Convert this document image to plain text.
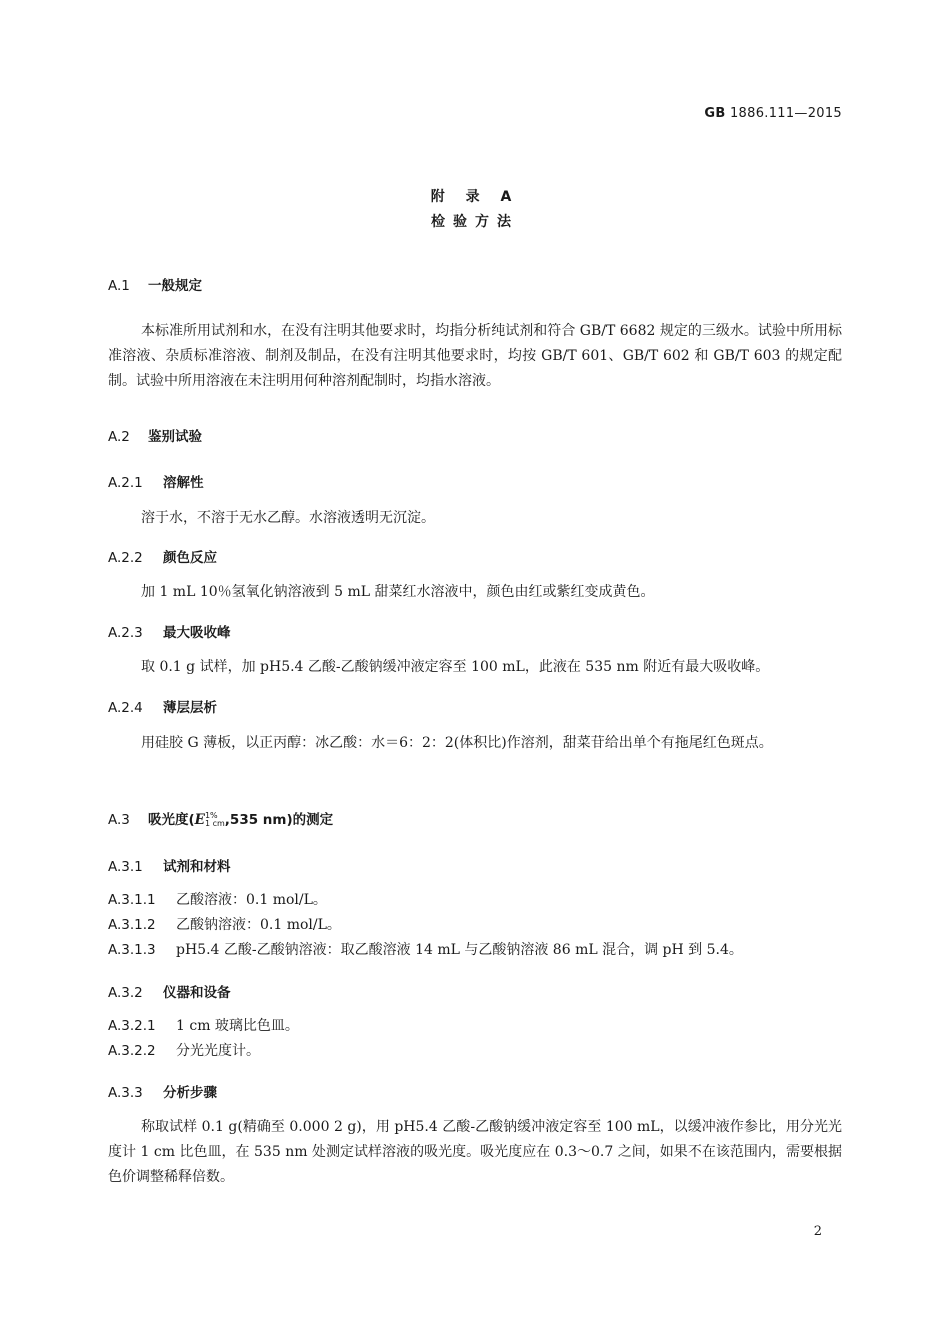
GB 1886.111—2015
附 录 A
检验方法
A.1 一般规定
本标准所用试剂和水，在没有注明其他要求时，均指分析纯试剂和符合 GB/T 6682 规定的三级水。试验中所用标准溶液、杂质标准溶液、制剂及制品，在没有注明其他要求时，均按 GB/T 601、GB/T 602 和 GB/T 603 的规定配制。试验中所用溶液在未注明用何种溶剂配制时，均指水溶液。
A.2 鉴别试验
A.2.1 溶解性
溶于水，不溶于无水乙醇。水溶液透明无沉淀。
A.2.2 颜色反应
加 1 mL 10％氢氧化钠溶液到 5 mL 甜菜红水溶液中，颜色由红或紫红变成黄色。
A.2.3 最大吸收峰
取 0.1 g 试样，加 pH5.4 乙酸-乙酸钠缓冲液定容至 100 mL，此液在 535 nm 附近有最大吸收峰。
A.2.4 薄层层析
用硅胶 G 薄板，以正丙醇：冰乙酸：水＝6：2：2(体积比)作溶剂，甜菜苷给出单个有拖尾红色斑点。
A.3 吸光度(E 1%
1 cm ,535 nm)的测定
A.3.1 试剂和材料
A.3.1.1 乙酸溶液：0.1 mol/L。
A.3.1.2 乙酸钠溶液：0.1 mol/L。
A.3.1.3 pH5.4 乙酸-乙酸钠溶液：取乙酸溶液 14 mL 与乙酸钠溶液 86 mL 混合，调 pH 到 5.4。
A.3.2 仪器和设备
A.3.2.1 1 cm 玻璃比色皿。
A.3.2.2 分光光度计。
A.3.3 分析步骤
称取试样 0.1 g(精确至 0.000 2 g)，用 pH5.4 乙酸-乙酸钠缓冲液定容至 100 mL，以缓冲液作参比，用分光光度计 1 cm 比色皿，在 535 nm 处测定试样溶液的吸光度。吸光度应在 0.3～0.7 之间，如果不在该范围内，需要根据色价调整稀释倍数。
2
